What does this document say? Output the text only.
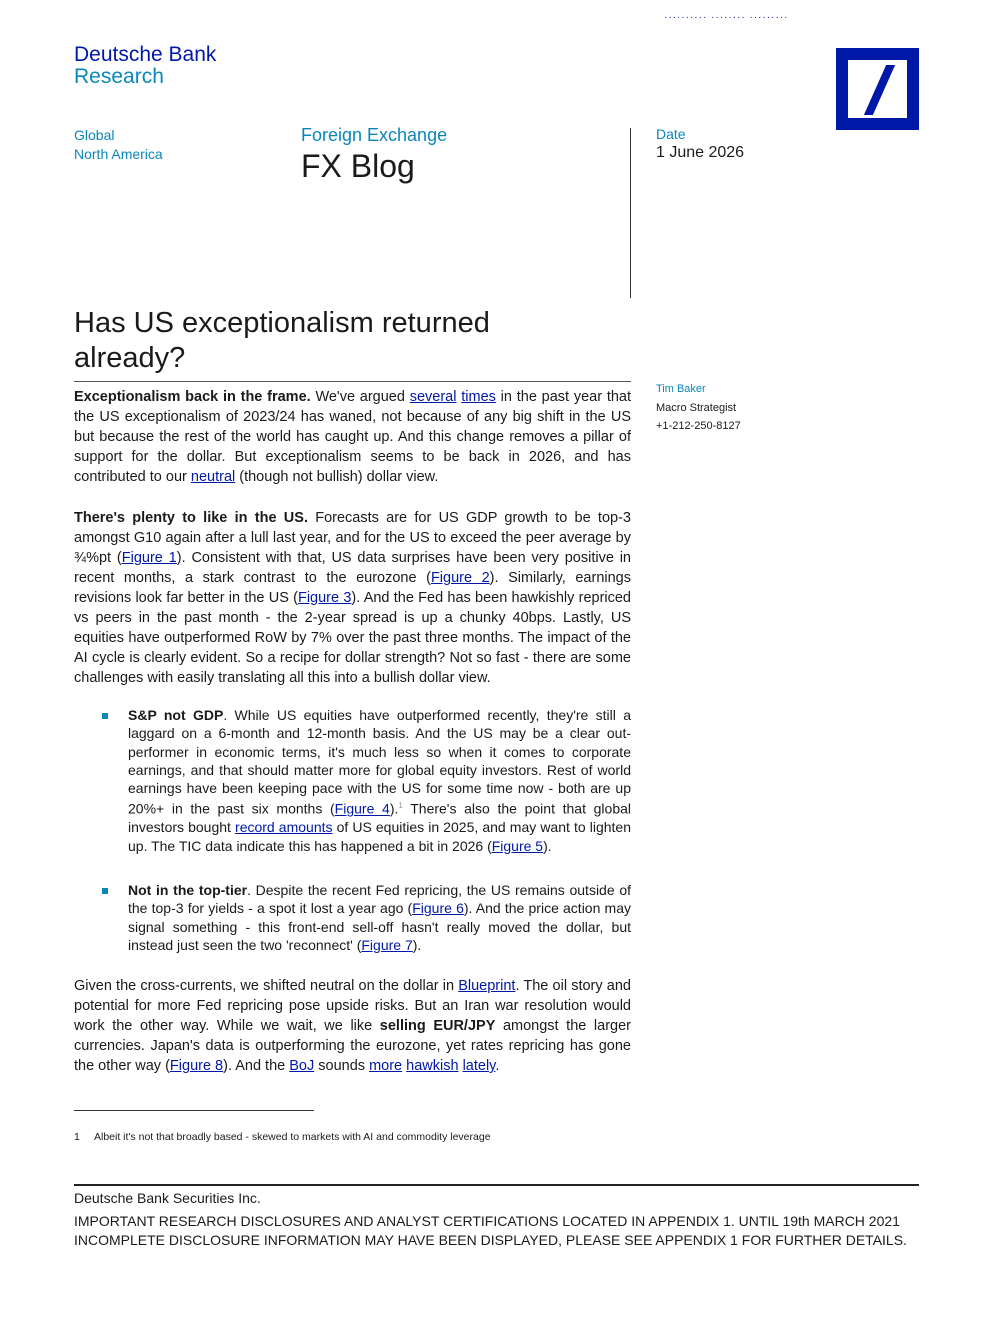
·········· ········ ·········
Deutsche Bank
Research
Global
North America
Foreign Exchange
FX Blog
Date
1 June 2026
Has US exceptionalism returned already?
Tim Baker
Macro Strategist
+1-212-250-8127
Exceptionalism back in the frame. We've argued several times in the past year that the US exceptionalism of 2023/24 has waned, not because of any big shift in the US but because the rest of the world has caught up. And this change removes a pillar of support for the dollar. But exceptionalism seems to be back in 2026, and has contributed to our neutral (though not bullish) dollar view.
There's plenty to like in the US. Forecasts are for US GDP growth to be top-3 amongst G10 again after a lull last year, and for the US to exceed the peer average by ¾%pt (Figure 1). Consistent with that, US data surprises have been very positive in recent months, a stark contrast to the eurozone (Figure 2). Similarly, earnings revisions look far better in the US (Figure 3). And the Fed has been hawkishly repriced vs peers in the past month - the 2-year spread is up a chunky 40bps. Lastly, US equities have outperformed RoW by 7% over the past three months. The impact of the AI cycle is clearly evident. So a recipe for dollar strength? Not so fast - there are some challenges with easily translating all this into a bullish dollar view.
S&P not GDP. While US equities have outperformed recently, they're still a laggard on a 6-month and 12-month basis. And the US may be a clear out-performer in economic terms, it's much less so when it comes to corporate earnings, and that should matter more for global equity investors. Rest of world earnings have been keeping pace with the US for some time now - both are up 20%+ in the past six months (Figure 4).$^1$ There's also the point that global investors bought record amounts of US equities in 2025, and may want to lighten up. The TIC data indicate this has happened a bit in 2026 (Figure 5).
Not in the top-tier. Despite the recent Fed repricing, the US remains outside of the top-3 for yields - a spot it lost a year ago (Figure 6). And the price action may signal something - this front-end sell-off hasn't really moved the dollar, but instead just seen the two 'reconnect' (Figure 7).
Given the cross-currents, we shifted neutral on the dollar in Blueprint. The oil story and potential for more Fed repricing pose upside risks. But an Iran war resolution would work the other way. While we wait, we like selling EUR/JPY amongst the larger currencies. Japan's data is outperforming the eurozone, yet rates repricing has gone the other way (Figure 8). And the BoJ sounds more hawkish lately.
1 Albeit it's not that broadly based - skewed to markets with AI and commodity leverage
Deutsche Bank Securities Inc.
IMPORTANT RESEARCH DISCLOSURES AND ANALYST CERTIFICATIONS LOCATED IN APPENDIX 1. UNTIL 19th MARCH 2021 INCOMPLETE DISCLOSURE INFORMATION MAY HAVE BEEN DISPLAYED, PLEASE SEE APPENDIX 1 FOR FURTHER DETAILS.
